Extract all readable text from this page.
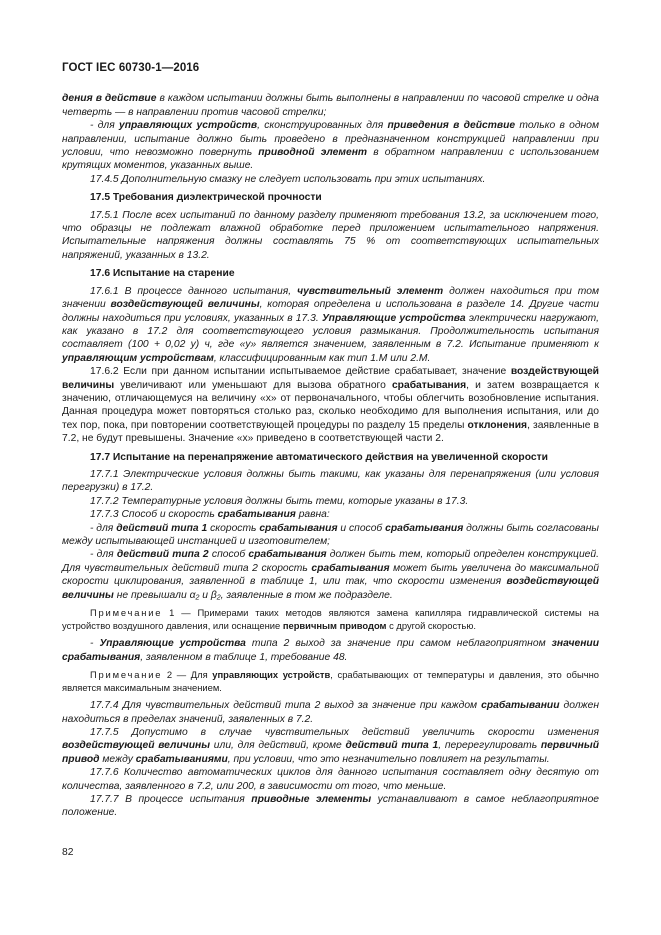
ГОСТ IEC 60730-1—2016

дения в действие в каждом испытании должны быть выполнены в направлении по часовой стрелке и одна четверть — в направлении против часовой стрелки;

- для управляющих устройств, сконструированных для приведения в действие только в одном направлении, испытание должно быть проведено в предназначенном конструкцией направлении при условии, что невозможно повернуть приводной элемент в обратном направлении с использованием крутящих моментов, указанных выше.

17.4.5 Дополнительную смазку не следует использовать при этих испытаниях.

17.5 Требования диэлектрической прочности

17.5.1 После всех испытаний по данному разделу применяют требования 13.2, за исключением того, что образцы не подлежат влажной обработке перед приложением испытательного напряжения. Испытательные напряжения должны составлять 75 % от соответствующих испытательных напряжений, указанных в 13.2.

17.6 Испытание на старение

17.6.1 В процессе данного испытания, чувствительный элемент должен находиться при том значении воздействующей величины, которая определена и использована в разделе 14. Другие части должны находиться при условиях, указанных в 17.3. Управляющие устройства электрически нагружают, как указано в 17.2 для соответствующего условия размыкания. Продолжительность испытания составляет (100 + 0,02 y) ч, где «y» является значением, заявленным в 7.2. Испытание применяют к управляющим устройствам, классифицированным как тип 1.М или 2.М.

17.6.2 Если при данном испытании испытываемое действие срабатывает, значение воздействующей величины увеличивают или уменьшают для вызова обратного срабатывания, и затем возвращается к значению, отличающемуся на величину «x» от первоначального, чтобы облегчить возобновление испытания. Данная процедура может повторяться столько раз, сколько необходимо для выполнения испытания, или до тех пор, пока, при повторении соответствующей процедуры по разделу 15 пределы отклонения, заявленные в 7.2, не будут превышены. Значение «x» приведено в соответствующей части 2.

17.7 Испытание на перенапряжение автоматического действия на увеличенной скорости

17.7.1 Электрические условия должны быть такими, как указаны для перенапряжения (или условия перегрузки) в 17.2.

17.7.2 Температурные условия должны быть теми, которые указаны в 17.3.

17.7.3 Способ и скорость срабатывания равна:

- для действий типа 1 скорость срабатывания и способ срабатывания должны быть согласованы между испытывающей инстанцией и изготовителем;

- для действий типа 2 способ срабатывания должен быть тем, который определен конструкцией. Для чувствительных действий типа 2 скорость срабатывания может быть увеличена до максимальной скорости циклирования, заявленной в таблице 1, или так, что скорости изменения воздействующей величины не превышали α₂ и β₂, заявленные в том же подразделе.

Примечание 1 — Примерами таких методов являются замена капилляра гидравлической системы на устройство воздушного давления, или оснащение первичным приводом с другой скоростью.

- Управляющие устройства типа 2 выход за значение при самом неблагоприятном значении срабатывания, заявленном в таблице 1, требование 48.

Примечание 2 — Для управляющих устройств, срабатывающих от температуры и давления, это обычно является максимальным значением.

17.7.4 Для чувствительных действий типа 2 выход за значение при каждом срабатывании должен находиться в пределах значений, заявленных в 7.2.

17.7.5 Допустимо в случае чувствительных действий увеличить скорости изменения воздействующей величины или, для действий, кроме действий типа 1, перерегулировать первичный привод между срабатываниями, при условии, что это незначительно повлияет на результаты.

17.7.6 Количество автоматических циклов для данного испытания составляет одну десятую от количества, заявленного в 7.2, или 200, в зависимости от того, что меньше.

17.7.7 В процессе испытания приводные элементы устанавливают в самое неблагоприятное положение.

82
